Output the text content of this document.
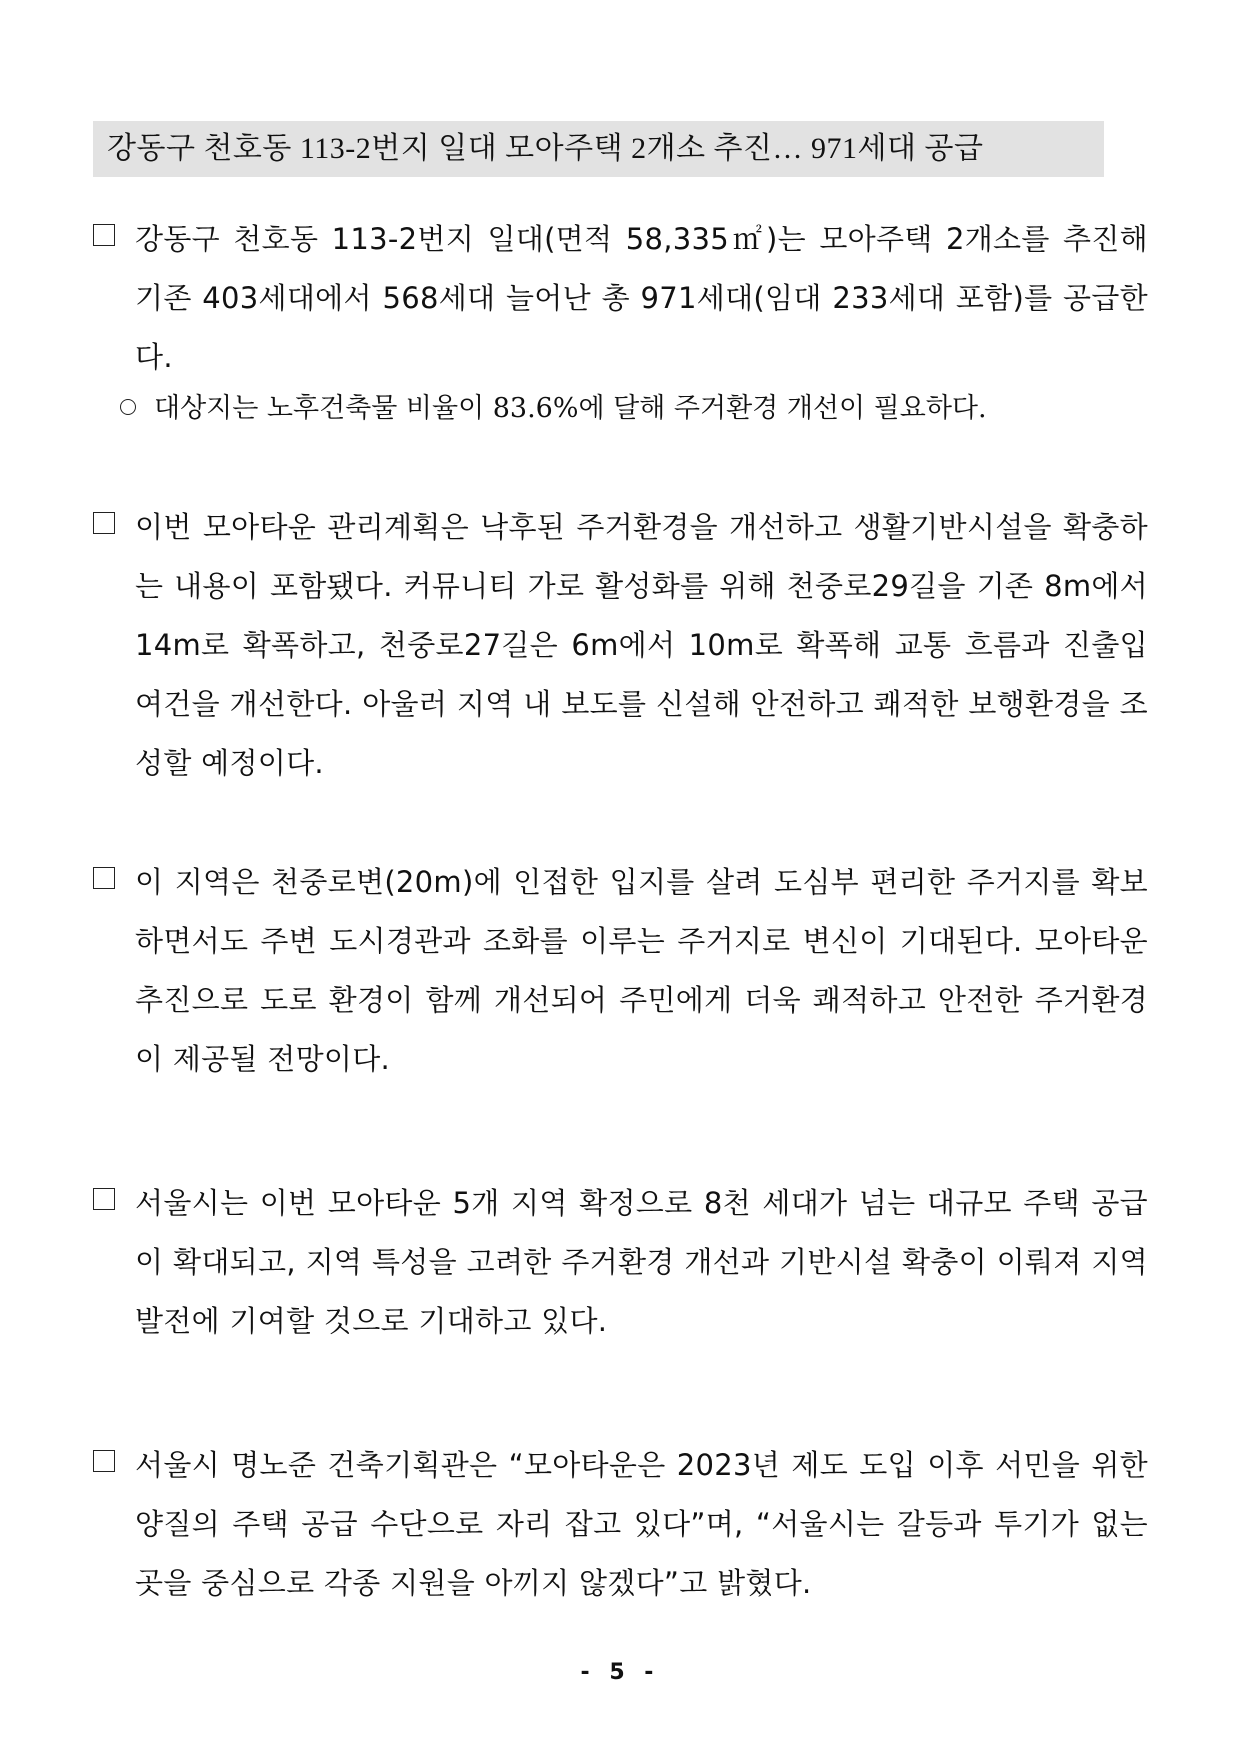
강동구 천호동 113-2번지 일대 모아주택 2개소 추진… 971세대 공급
강동구 천호동 113-2번지 일대(면적 58,335㎡)는 모아주택 2개소를 추진해 기존 403세대에서 568세대 늘어난 총 971세대(임대 233세대 포함)를 공급한다.
대상지는 노후건축물 비율이 83.6%에 달해 주거환경 개선이 필요하다.
이번 모아타운 관리계획은 낙후된 주거환경을 개선하고 생활기반시설을 확충하는 내용이 포함됐다. 커뮤니티 가로 활성화를 위해 천중로29길을 기존 8m에서 14m로 확폭하고, 천중로27길은 6m에서 10m로 확폭해 교통 흐름과 진출입 여건을 개선한다. 아울러 지역 내 보도를 신설해 안전하고 쾌적한 보행환경을 조성할 예정이다.
이 지역은 천중로변(20m)에 인접한 입지를 살려 도심부 편리한 주거지를 확보하면서도 주변 도시경관과 조화를 이루는 주거지로 변신이 기대된다. 모아타운 추진으로 도로 환경이 함께 개선되어 주민에게 더욱 쾌적하고 안전한 주거환경이 제공될 전망이다.
서울시는 이번 모아타운 5개 지역 확정으로 8천 세대가 넘는 대규모 주택 공급이 확대되고, 지역 특성을 고려한 주거환경 개선과 기반시설 확충이 이뤄져 지역 발전에 기여할 것으로 기대하고 있다.
서울시 명노준 건축기획관은 “모아타운은 2023년 제도 도입 이후 서민을 위한 양질의 주택 공급 수단으로 자리 잡고 있다”며, “서울시는 갈등과 투기가 없는 곳을 중심으로 각종 지원을 아끼지 않겠다”고 밝혔다.
- 5 -
